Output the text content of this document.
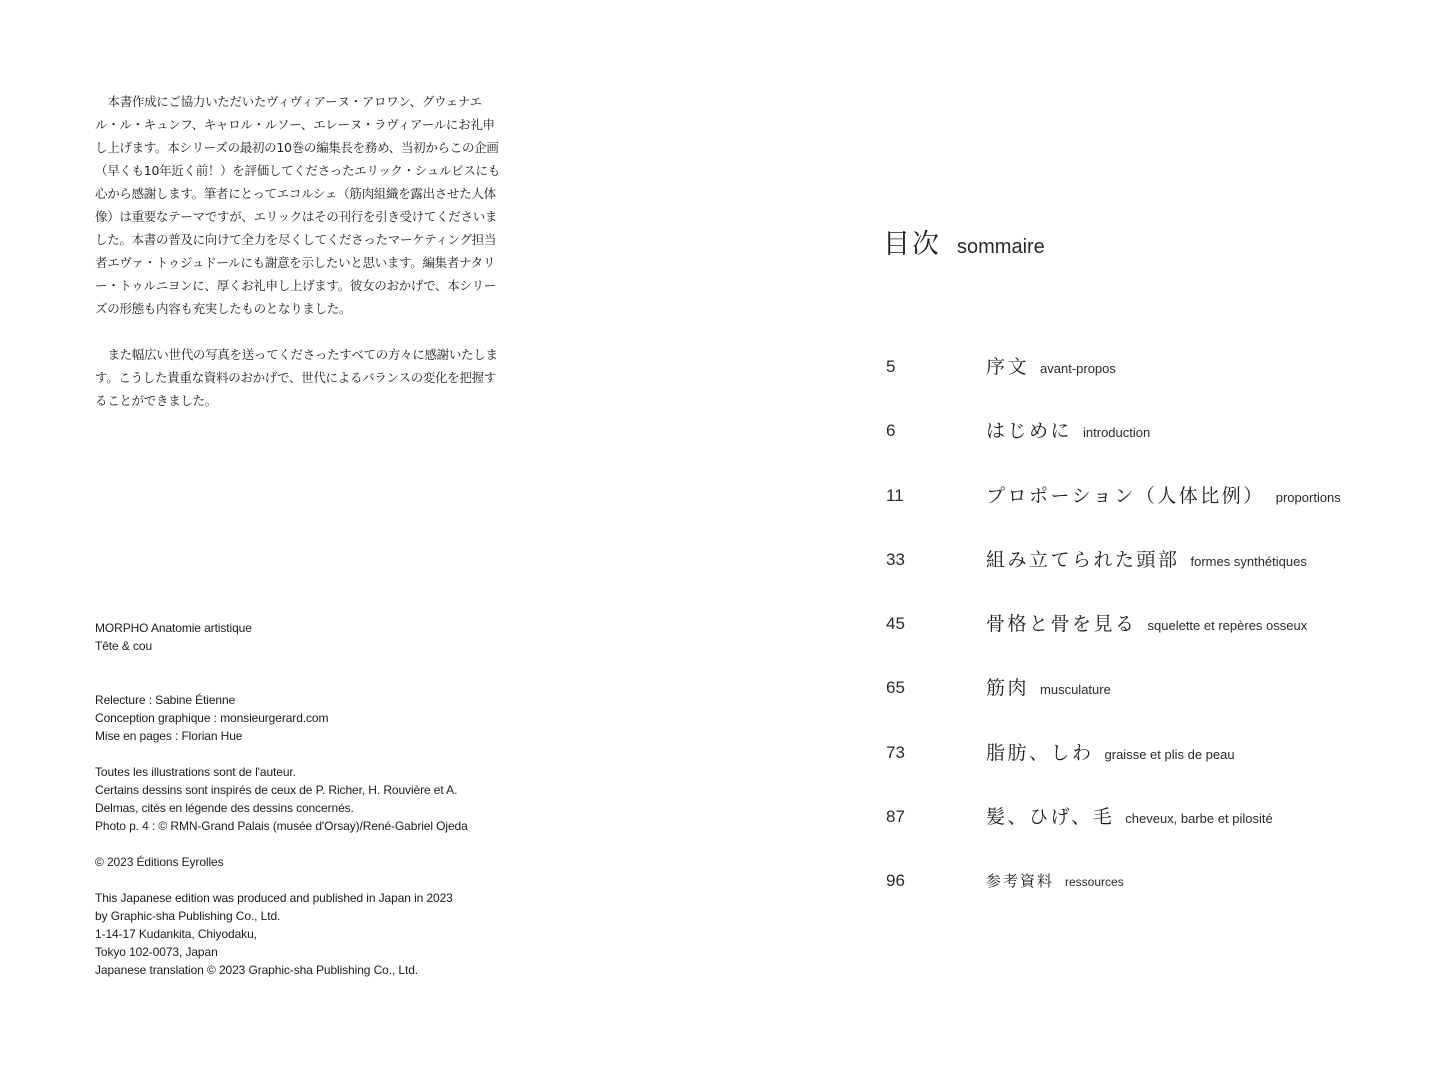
本書作成にご協力いただいたヴィヴィアーヌ・アロワン、グウェナエル・ル・キュンフ、キャロル・ルソー、エレーヌ・ラヴィアールにお礼申し上げます。本シリーズの最初の10巻の編集長を務め、当初からこの企画（早くも10年近く前！）を評価してくださったエリック・シュルピスにも心から感謝します。筆者にとってエコルシェ（筋肉組織を露出させた人体像）は重要なテーマですが、エリックはその刊行を引き受けてくださいました。本書の普及に向けて全力を尽くしてくださったマーケティング担当者エヴァ・トゥジュドールにも謝意を示したいと思います。編集者ナタリー・トゥルニヨンに、厚くお礼申し上げます。彼女のおかげで、本シリーズの形態も内容も充実したものとなりました。

また幅広い世代の写真を送ってくださったすべての方々に感謝いたします。こうした貴重な資料のおかげで、世代によるバランスの変化を把握することができました。

MORPHO Anatomie artistique
Tête & cou
Relecture : Sabine Étienne
Conception graphique : monsieurgerard.com
Mise en pages : Florian Hue
Toutes les illustrations sont de l'auteur.
Certains dessins sont inspirés de ceux de P. Richer, H. Rouvière et A.
Delmas, cités en légende des dessins concernés.
Photo p. 4 : © RMN-Grand Palais (musée d'Orsay)/René-Gabriel Ojeda
© 2023 Éditions Eyrolles
This Japanese edition was produced and published in Japan in 2023
by Graphic-sha Publishing Co., Ltd.
1-14-17 Kudankita, Chiyodaku,
Tokyo 102-0073, Japan
Japanese translation © 2023 Graphic-sha Publishing Co., Ltd.
目次 sommaire
5	序文 avant-propos
6	はじめに introduction
11	プロポーション（人体比例） proportions
33	組み立てられた頭部 formes synthétiques
45	骨格と骨を見る squelette et repères osseux
65	筋肉 musculature
73	脂肪、しわ graisse et plis de peau
87	髪、ひげ、毛 cheveux, barbe et pilosité
96	参考資料 ressources
